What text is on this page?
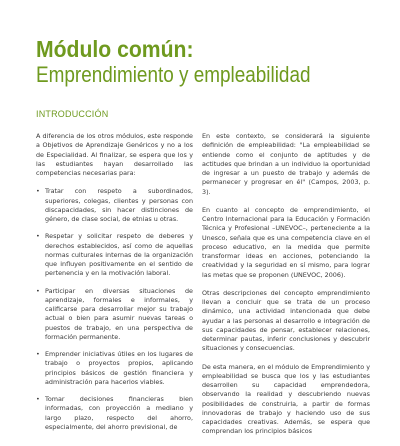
Módulo común:
Emprendimiento y empleabilidad
INTRODUCCIÓN

A diferencia de los otros módulos, este responde a Objetivos de Aprendizaje Genéricos y no a los de Especialidad. Al finalizar, se espera que los y las estudiantes hayan desarrollado las competencias necesarias para:

• Tratar con respeto a subordinados, superiores, colegas, clientes y personas con discapacidades, sin hacer distinciones de género, de clase social, de etnias u otras.
• Respetar y solicitar respeto de deberes y derechos establecidos, así como de aquellas normas culturales internas de la organización que influyen positivamente en el sentido de pertenencia y en la motivación laboral.
• Participar en diversas situaciones de aprendizaje, formales e informales, y calificarse para desarrollar mejor su trabajo actual o bien para asumir nuevas tareas o puestos de trabajo, en una perspectiva de formación permanente.
• Emprender iniciativas útiles en los lugares de trabajo o proyectos propios, aplicando principios básicos de gestión financiera y administración para hacerlos viables.
• Tomar decisiones financieras bien informadas, con proyección a mediano y largo plazo, respecto del ahorro, especialmente, del ahorro previsional, de

En este contexto, se considerará la siguiente definición de empleabilidad: "La empleabilidad se entiende como el conjunto de aptitudes y de actitudes que brindan a un individuo la oportunidad de ingresar a un puesto de trabajo y además de permanecer y progresar en él" (Campos, 2003, p. 3).

En cuanto al concepto de emprendimiento, el Centro Internacional para la Educación y Formación Técnica y Profesional –UNEVOC–, perteneciente a la Unesco, señala que es una competencia clave en el proceso educativo, en la medida que permite transformar ideas en acciones, potenciando la creatividad y la seguridad en sí mismo, para lograr las metas que se proponen (UNEVOC, 2006).

Otras descripciones del concepto emprendimiento llevan a concluir que se trata de un proceso dinámico, una actividad intencionada que debe ayudar a las personas al desarrollo e integración de sus capacidades de pensar, establecer relaciones, determinar pautas, inferir conclusiones y descubrir situaciones y consecuencias.

De esta manera, en el módulo de Emprendimiento y empleabilidad se busca que los y las estudiantes desarrollen su capacidad emprendedora, observando la realidad y descubriendo nuevas posibilidades de construirla, a partir de formas innovadoras de trabajo y haciendo uso de sus capacidades creativas. Además, se espera que comprendan los principios básicos
